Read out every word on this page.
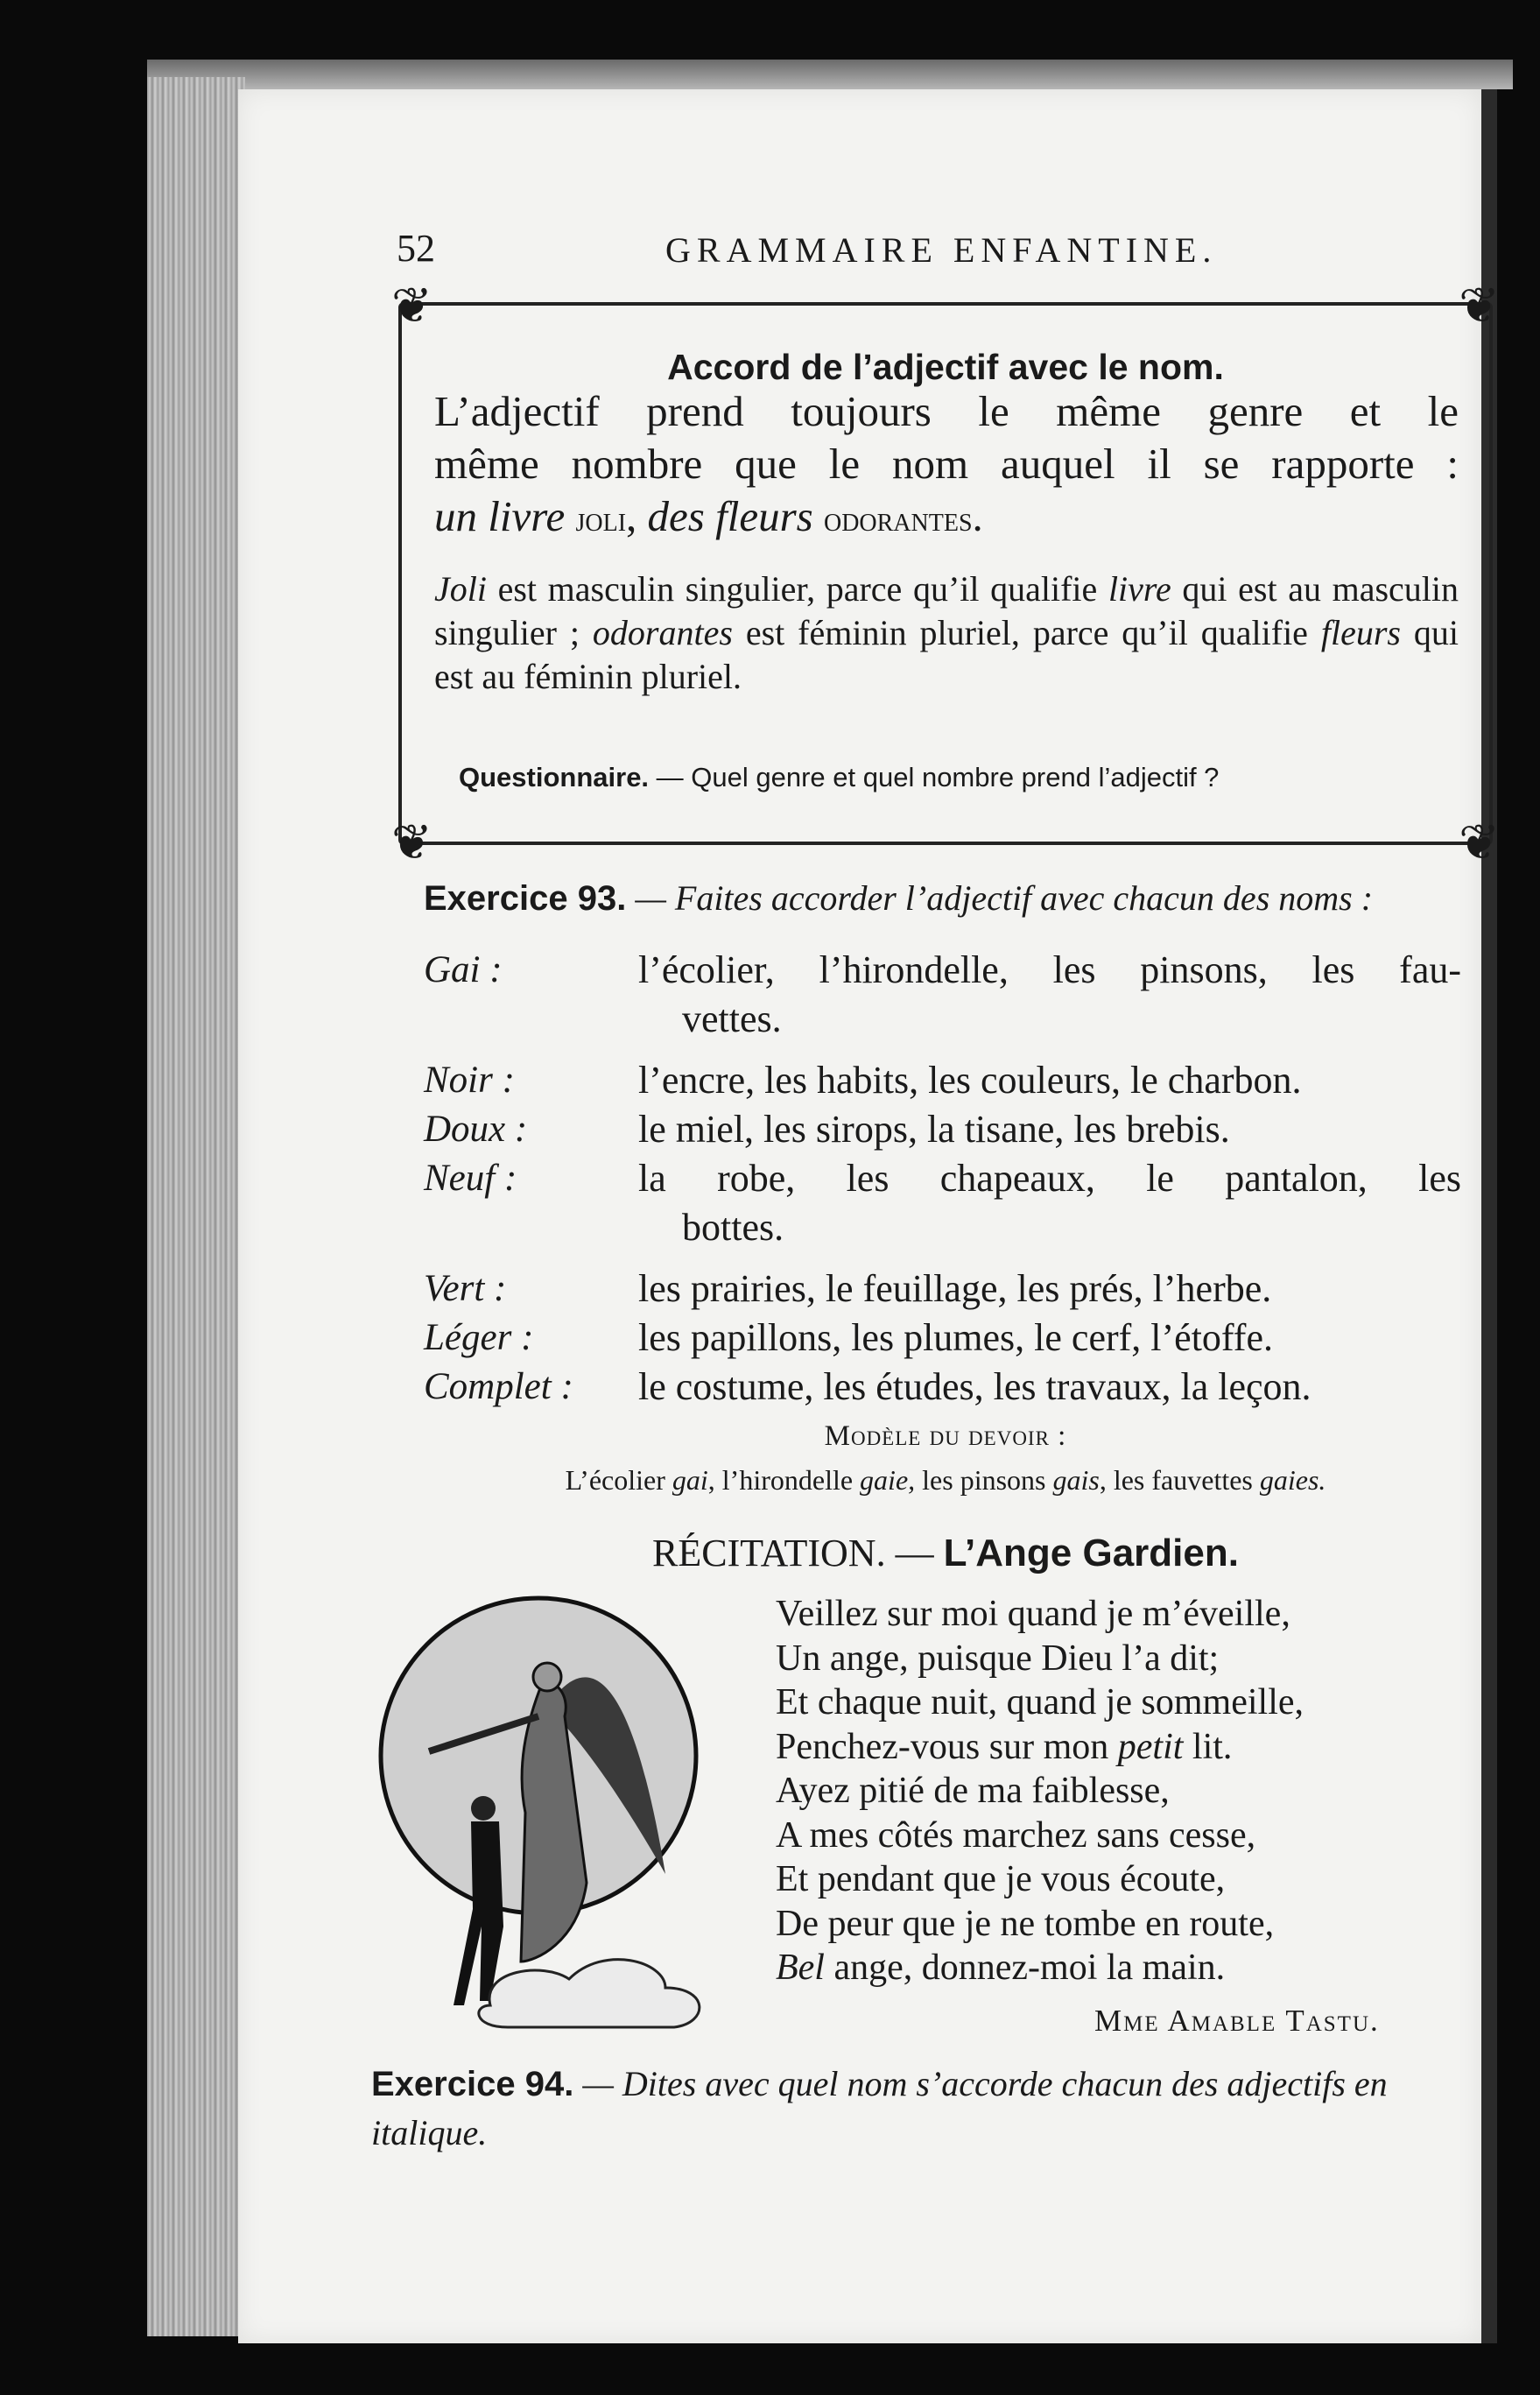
52	GRAMMAIRE ENFANTINE.
❦	❦
❦	❦
Accord de l’adjectif avec le nom.

L’adjectif prend toujours le même genre et le

même nombre que le nom auquel il se rapporte :

un livre joli, des fleurs odorantes.

Joli est masculin singulier, parce qu’il qualifie livre qui est au masculin singulier ; odorantes est féminin pluriel, parce qu’il qualifie fleurs qui est au féminin pluriel.

Questionnaire. — Quel genre et quel nombre prend l’adjectif ?
Exercice 93. — Faites accorder l’adjectif avec chacun des noms :
Gai :	l’écolier, l’hirondelle, les pinsons, les fau-
vettes.
Noir :	l’encre, les habits, les couleurs, le charbon.
Doux :	le miel, les sirops, la tisane, les brebis.
Neuf :	la robe, les chapeaux, le pantalon, les
bottes.
Vert :	les prairies, le feuillage, les prés, l’herbe.
Léger :	les papillons, les plumes, le cerf, l’étoffe.
Complet :	le costume, les études, les travaux, la leçon.
Modèle du devoir :
L’écolier gai, l’hirondelle gaie, les pinsons gais, les fauvettes gaies.
RÉCITATION. — L’Ange Gardien.
Veillez sur moi quand je m’éveille,
Un ange, puisque Dieu l’a dit;
Et chaque nuit, quand je sommeille,
Penchez-vous sur mon petit lit.
Ayez pitié de ma faiblesse,
A mes côtés marchez sans cesse,
Et pendant que je vous écoute,
De peur que je ne tombe en route,
Bel ange, donnez-moi la main.
Mme Amable Tastu.
Exercice 94. — Dites avec quel nom s’accorde chacun des adjectifs en italique.
